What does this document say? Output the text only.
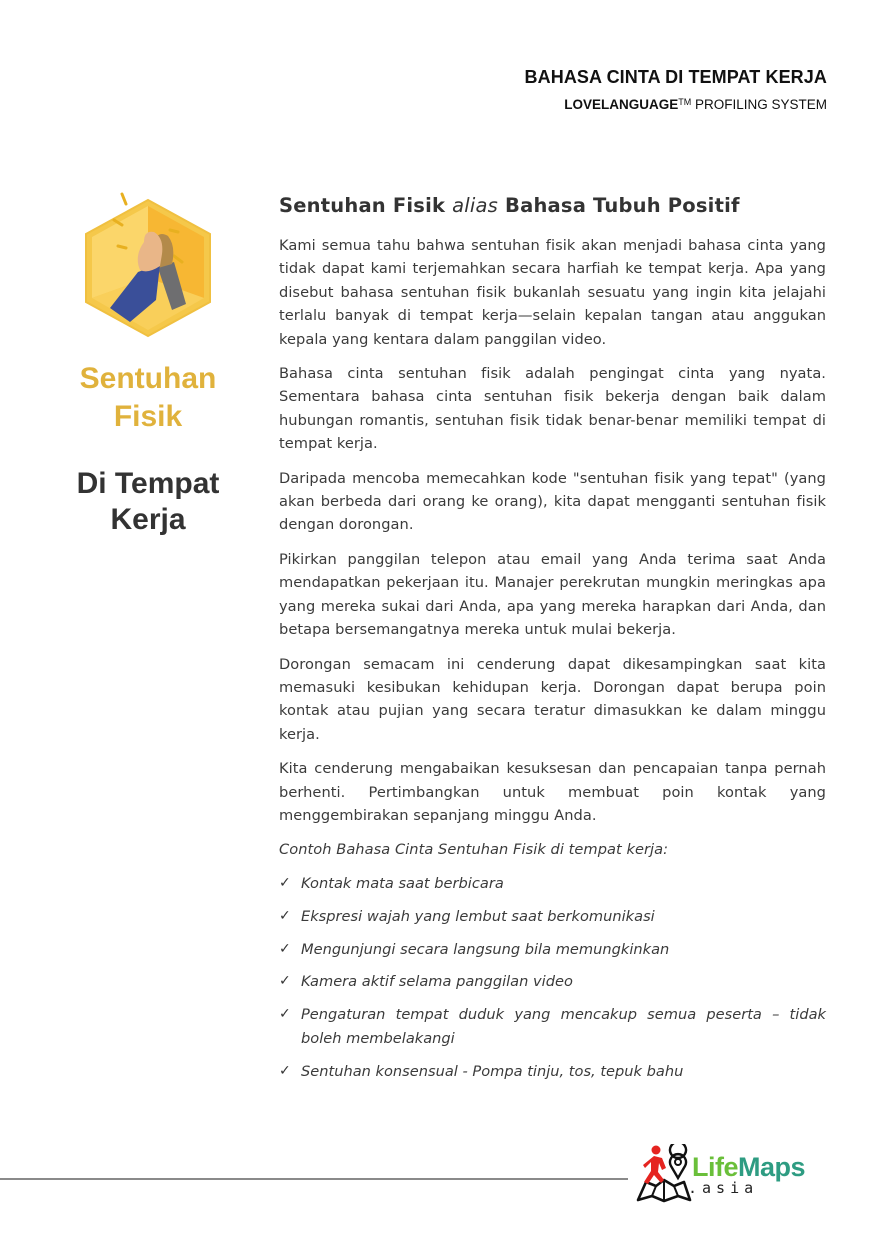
BAHASA CINTA DI TEMPAT KERJA
LOVELANGUAGE™ PROFILING SYSTEM
Sentuhan
Fisik
Di Tempat
Kerja
Sentuhan Fisik alias Bahasa Tubuh Positif

Kami semua tahu bahwa sentuhan fisik akan menjadi bahasa cinta yang tidak dapat kami terjemahkan secara harfiah ke tempat kerja. Apa yang disebut bahasa sentuhan fisik bukanlah sesuatu yang ingin kita jelajahi terlalu banyak di tempat kerja—selain kepalan tangan atau anggukan kepala yang kentara dalam panggilan video.

Bahasa cinta sentuhan fisik adalah pengingat cinta yang nyata. Sementara bahasa cinta sentuhan fisik bekerja dengan baik dalam hubungan romantis, sentuhan fisik tidak benar-benar memiliki tempat di tempat kerja.

Daripada mencoba memecahkan kode "sentuhan fisik yang tepat" (yang akan berbeda dari orang ke orang), kita dapat mengganti sentuhan fisik dengan dorongan.

Pikirkan panggilan telepon atau email yang Anda terima saat Anda mendapatkan pekerjaan itu. Manajer perekrutan mungkin meringkas apa yang mereka sukai dari Anda, apa yang mereka harapkan dari Anda, dan betapa bersemangatnya mereka untuk mulai bekerja.

Dorongan semacam ini cenderung dapat dikesampingkan saat kita memasuki kesibukan kehidupan kerja. Dorongan dapat berupa poin kontak atau pujian yang secara teratur dimasukkan ke dalam minggu kerja.

Kita cenderung mengabaikan kesuksesan dan pencapaian tanpa pernah berhenti. Pertimbangkan untuk membuat poin kontak yang menggembirakan sepanjang minggu Anda.

Contoh Bahasa Cinta Sentuhan Fisik di tempat kerja:

✓ Kontak mata saat berbicara
✓ Ekspresi wajah yang lembut saat berkomunikasi
✓ Mengunjungi secara langsung bila memungkinkan
✓ Kamera aktif selama panggilan video
✓ Pengaturan tempat duduk yang mencakup semua peserta – tidak boleh membelakangi
✓ Sentuhan konsensual - Pompa tinju, tos, tepuk bahu
LifeMaps
.asia
